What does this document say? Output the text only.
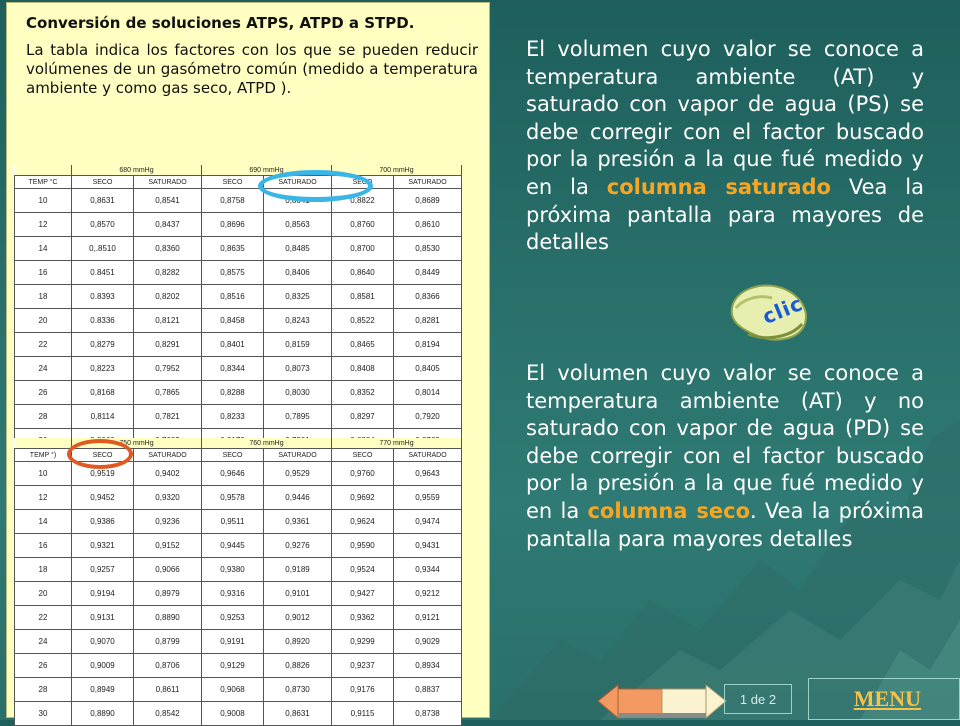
Conversión de soluciones ATPS, ATPD a STPD.

La tabla indica los factores con los que se pueden reducir volúmenes de un gasómetro común (medido a temperatura ambiente y como gas seco, ATPD ).

	680 mmHg		690 mmHg		700 mmHg	
TEMP °C	SECO	SATURADO	SECO	SATURADO	SECO	SATURADO
10	0,8631	0,8541	0,8758	0,8641	0,8822	0,8689
12	0,8570	0,8437	0,8696	0,8563	0,8760	0,8610
14	0,.8510	0,8360	0,8635	0,8485	0,8700	0,8530
16	0.8451	0,8282	0,8575	0,8406	0,8640	0,8449
18	0.8393	0,8202	0,8516	0,8325	0,8581	0,8366
20	0.8336	0,8121	0,8458	0,8243	0,8522	0,8281
22	0,8279	0,8291	0,8401	0,8159	0,8465	0,8194
24	0,8223	0,7952	0,8344	0,8073	0,8408	0,8405
26	0,8168	0,7865	0,8288	0,8030	0,8352	0,8014
28	0,8114	0,7821	0,8233	0,7895	0,8297	0,7920

	750 mmHg		760 mmHg		770 mmHg	
TEMP °)	SECO	SATURADO	SECO	SATURADO	SECO	SATURADO
10	0,9519	0,9402	0,9646	0,9529	0,9760	0,9643
12	0,9452	0,9320	0,9578	0,9446	0,9692	0,9559
14	0,9386	0,9236	0,9511	0,9361	0,9624	0,9474
16	0,9321	0,9152	0,9445	0,9276	0,9590	0,9431
18	0,9257	0,9066	0,9380	0,9189	0,9524	0,9344
20	0,9194	0,8979	0,9316	0,9101	0,9427	0,9212
22	0,9131	0,8890	0,9253	0,9012	0,9362	0,9121
24	0,9070	0,8799	0,9191	0,8920	0,9299	0,9029
26	0,9009	0,8706	0,9129	0,8826	0,9237	0,8934
28	0,8949	0,8611	0,9068	0,8730	0,9176	0,8837
30	0,8890	0,8542	0,9008	0,8631	0,9115	0,8738

El volumen cuyo valor se conoce a temperatura ambiente (AT) y saturado con vapor de agua (PS) se debe corregir con el factor buscado por la presión a la que fué medido y en la columna saturado Vea la próxima pantalla para mayores de detalles

El volumen cuyo valor se conoce a temperatura ambiente (AT) y no saturado con vapor de agua (PD) se debe corregir con el factor buscado por la presión a la que fué medido y en la columna seco. Vea la próxima pantalla para mayores detalles

clic
1 de 2	MENU
